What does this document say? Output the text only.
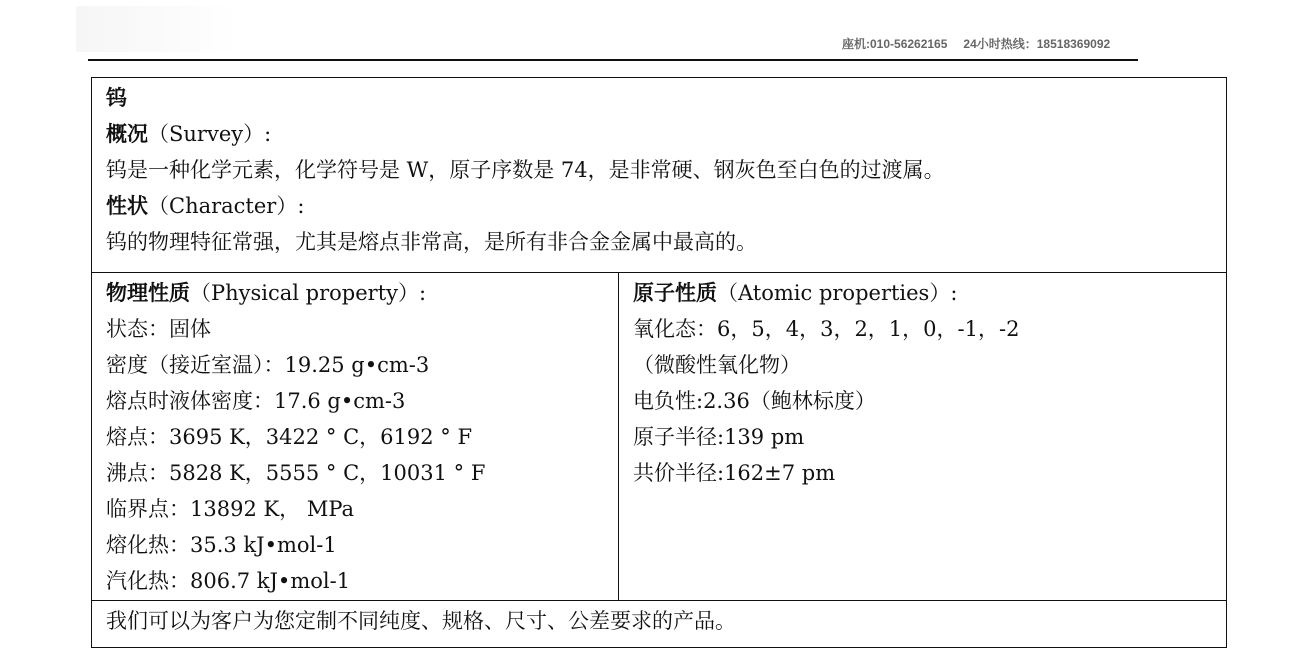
座机:010-56262165 24小时热线：18518369092
钨
概况（Survey）:
钨是一种化学元素，化学符号是 W，原子序数是 74，是非常硬、钢灰色至白色的过渡属。
性状（Character）:
钨的物理特征常强，尤其是熔点非常高，是所有非合金金属中最高的。

物理性质（Physical property）:
状态：固体
密度（接近室温）：19.25 g•cm-3
熔点时液体密度：17.6 g•cm-3
熔点：3695 K，3422 ° C，6192 ° F
沸点：5828 K，5555 ° C，10031 ° F
临界点：13892 K， MPa
熔化热：35.3 kJ•mol-1
汽化热：806.7 kJ•mol-1

原子性质（Atomic properties）:
氧化态：6，5，4，3，2，1，0，-1，-2
（微酸性氧化物）
电负性:2.36（鲍林标度）
原子半径:139 pm
共价半径:162±7 pm

我们可以为客户为您定制不同纯度、规格、尺寸、公差要求的产品。
